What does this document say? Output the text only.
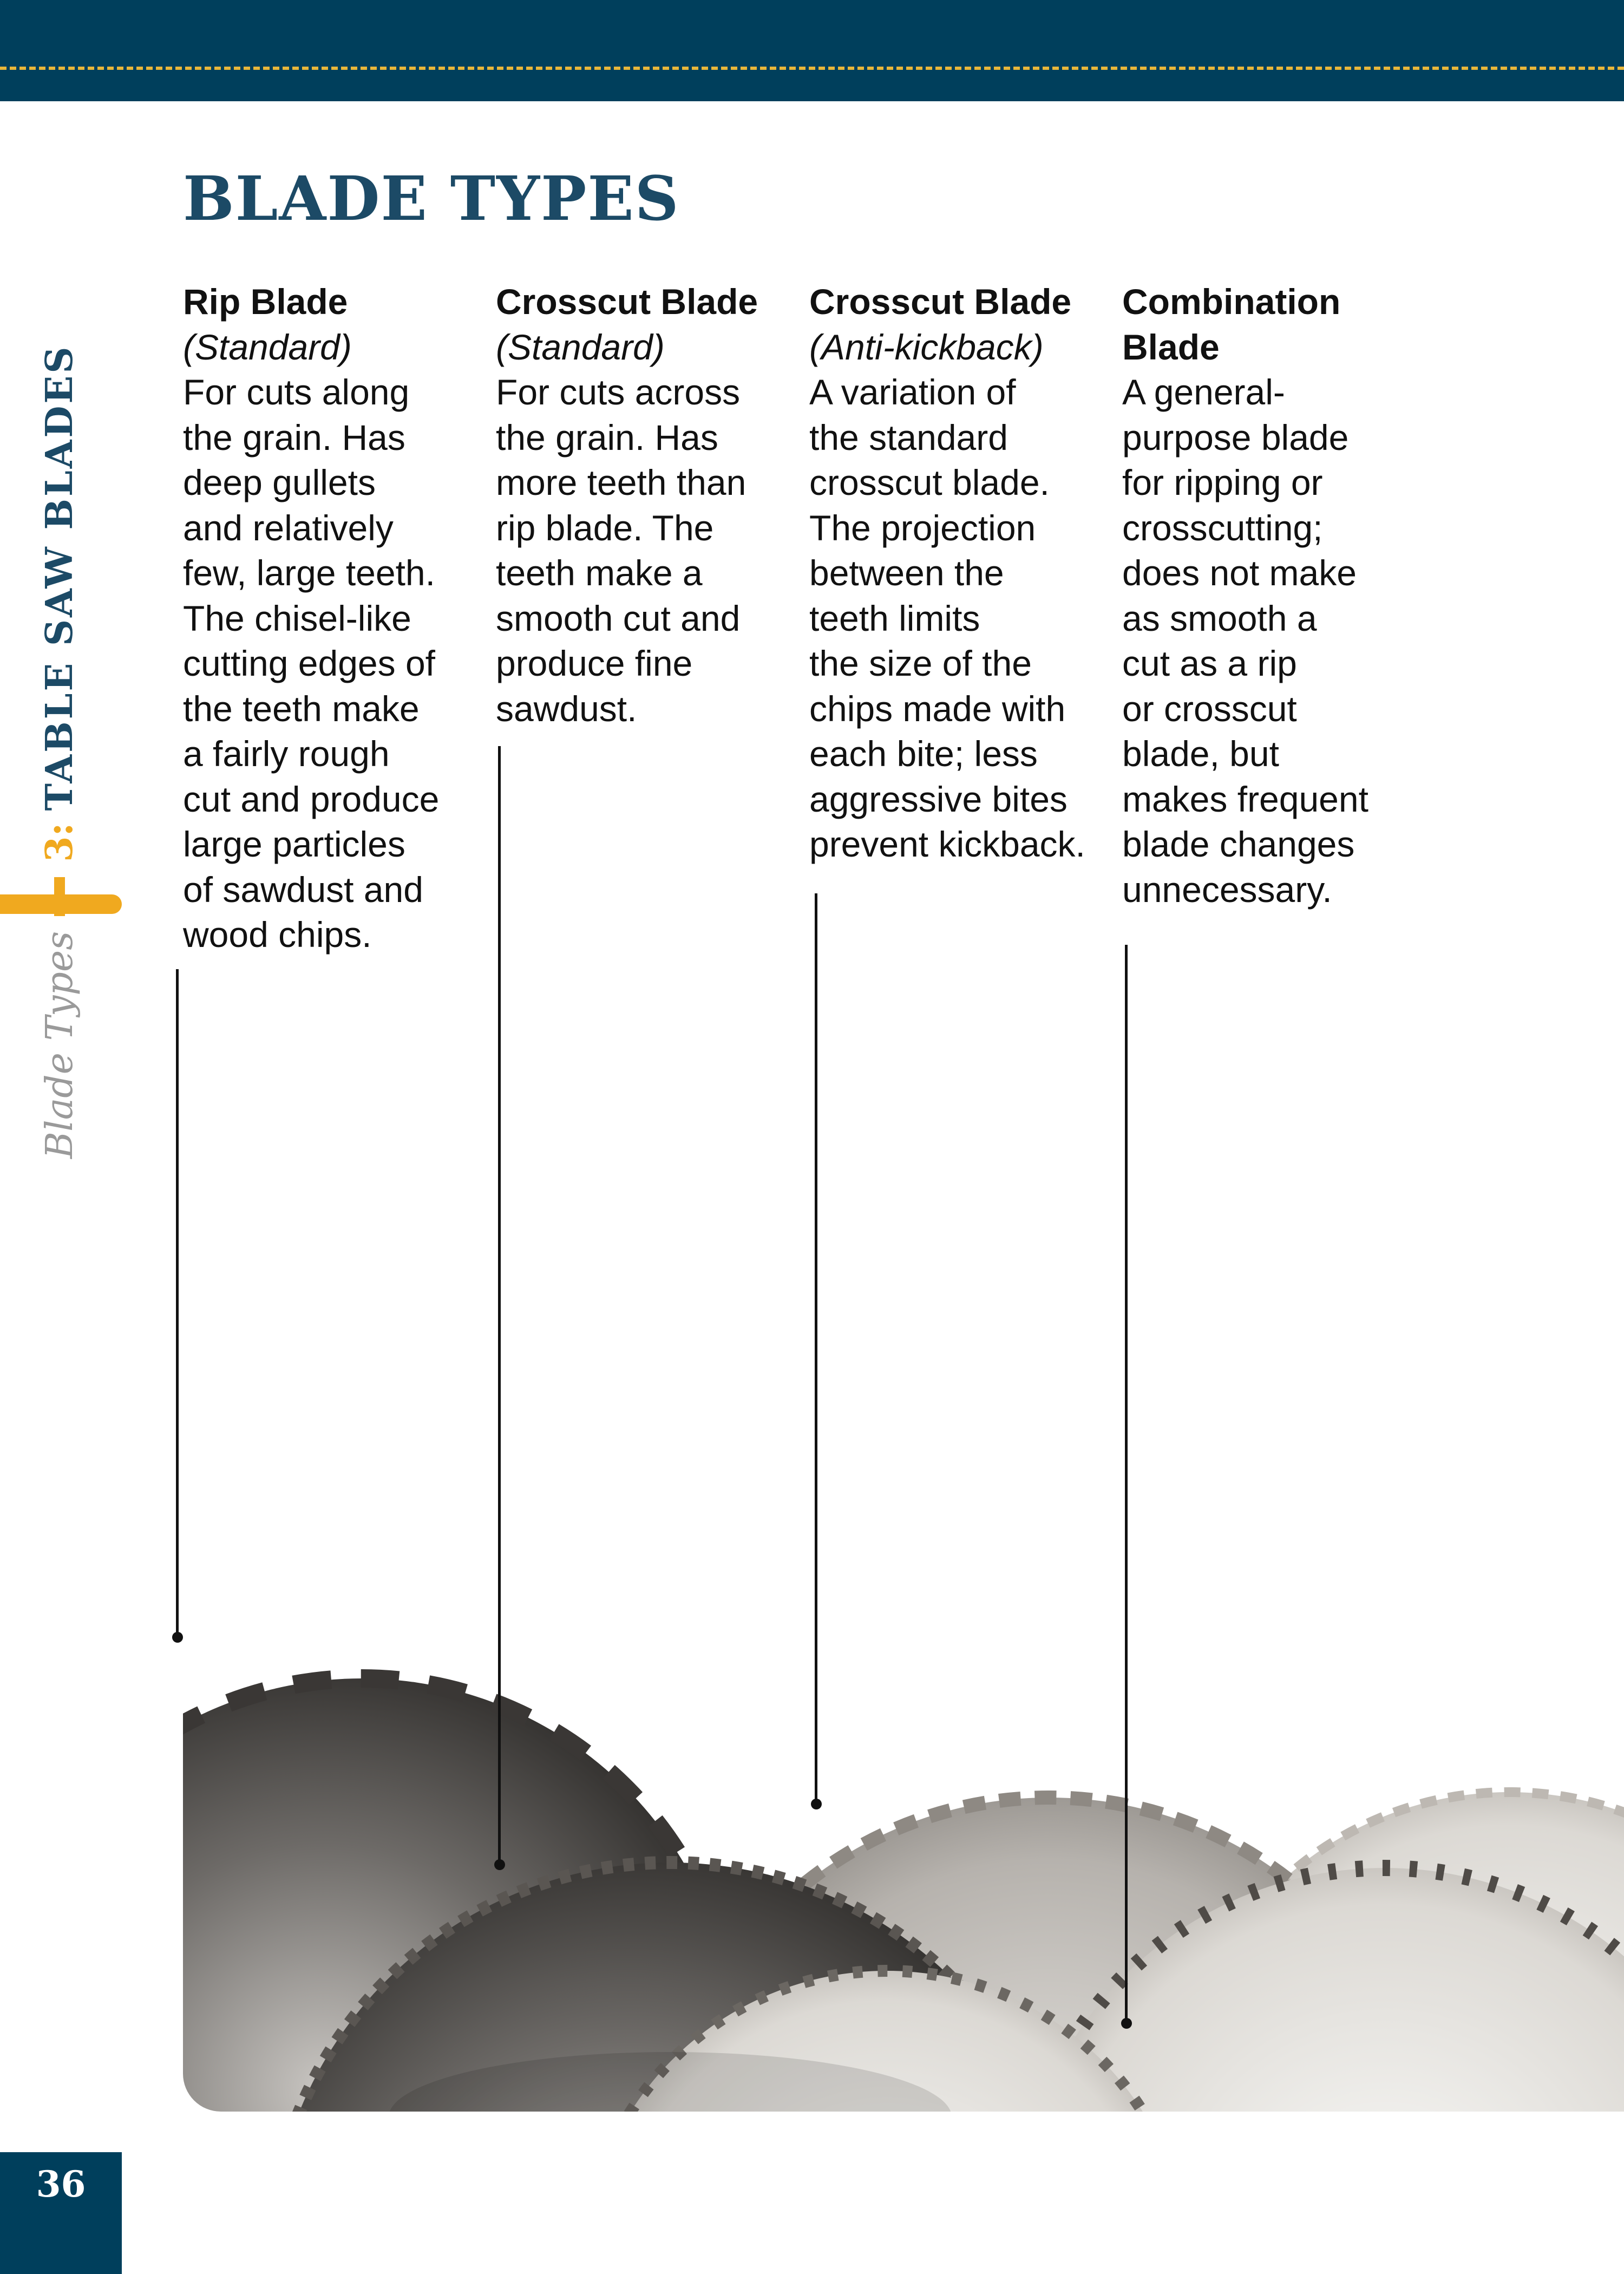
BLADE TYPES
Rip Blade
(Standard)
For cuts along
the grain. Has
deep gullets
and relatively
few, large teeth.
The chisel-like
cutting edges of
the teeth make
a fairly rough
cut and produce
large particles
of sawdust and
wood chips.
Crosscut Blade
(Standard)
For cuts across
the grain. Has
more teeth than
rip blade. The
teeth make a
smooth cut and
produce fine
sawdust.
Crosscut Blade
(Anti-kickback)
A variation of
the standard
crosscut blade.
The projection
between the
teeth limits
the size of the
chips made with
each bite; less
aggressive bites
prevent kickback.
Combination
Blade
A general-
purpose blade
for ripping or
crosscutting;
does not make
as smooth a
cut as a rip
or crosscut
blade, but
makes frequent
blade changes
unnecessary.
Blade Types
3:
TABLE SAW BLADES
36
